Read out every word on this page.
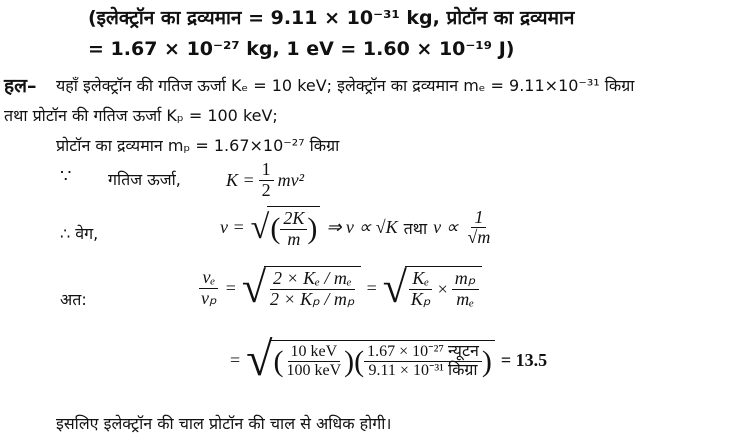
(इलेक्ट्रॉन का द्रव्यमान = 9.11 × 10⁻³¹ kg, प्रोटॉन का द्रव्यमान
= 1.67 × 10⁻²⁷ kg, 1 eV = 1.60 × 10⁻¹⁹ J)
हल– यहाँ इलेक्ट्रॉन की गतिज ऊर्जा Kₑ = 10 keV; इलेक्ट्रॉन का द्रव्यमान mₑ = 9.11×10⁻³¹ किग्रा
तथा प्रोटॉन की गतिज ऊर्जा Kₚ = 100 keV;
प्रोटॉन का द्रव्यमान mₚ = 1.67×10⁻²⁷ किग्रा
∵ गतिज ऊर्जा,	$K = \frac{1}{2} mv^2$
∴ वेग,	v = √ ( $\frac{2K}{m}$ ) ⇒ v ∝ √K तथा $v \propto \frac{1}{√m}$
अत:	$\frac{\text{vₑ}}{\text{vₚ}}$ = √ $\frac{\text{2 × Kₑ / mₑ}}{\text{2 × Kₚ / mₚ}}$ = √ $\frac{\text{Kₑ}}{\text{Kₚ}} \times \frac{\text{mₚ}}{\text{mₑ}}$
= √ ( $\frac{\text{10 keV}}{\text{100 keV}}$ ) ( $\frac{\text{1.67 × 10⁻²⁷ न्यूटन}}{\text{9.11 × 10⁻³¹ किग्रा}}$ ) = 13.5
इसलिए इलेक्ट्रॉन की चाल प्रोटॉन की चाल से अधिक होगी।
